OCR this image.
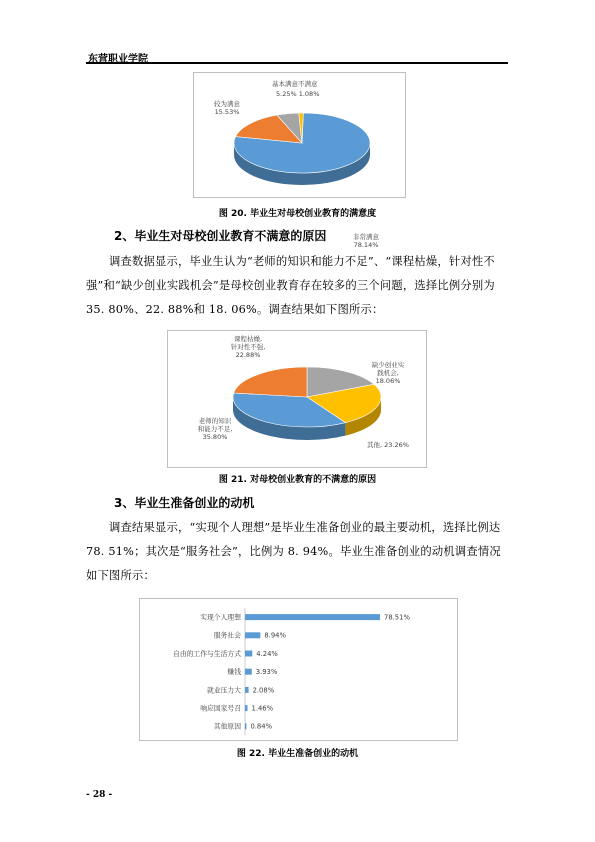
东营职业学院
非常满意
78.14%
较为满意
15.53%
基本满意不满意
5.25% 1.08%
图 20. 毕业生对母校创业教育的满意度
2、毕业生对母校创业教育不满意的原因
调查数据显示，毕业生认为“老师的知识和能力不足”、“课程枯燥，针对性不强”和“缺少创业实践机会”是母校创业教育存在较多的三个问题，选择比例分别为 35. 80%、22. 88%和 18. 06%。调查结果如下图所示：
课程枯燥,
针对性不强,
22.88%
缺少创业实
践机会,
18.06%
其他, 23.26%
老师的知识
和能力不足,
35.80%
图 21. 对母校创业教育的不满意的原因
3、毕业生准备创业的动机
调查结果显示，“实现个人理想”是毕业生准备创业的最主要动机，选择比例达 78. 51%；其次是“服务社会”，比例为 8. 94%。毕业生准备创业的动机调查情况如下图所示：
实现个人理想	78.51%
服务社会	8.94%
自由的工作与生活方式 4.24%
赚钱 3.93%
就业压力大 2.08%
响应国家号召 1.46%
其他原因 0.84%
图 22. 毕业生准备创业的动机
- 28 -
